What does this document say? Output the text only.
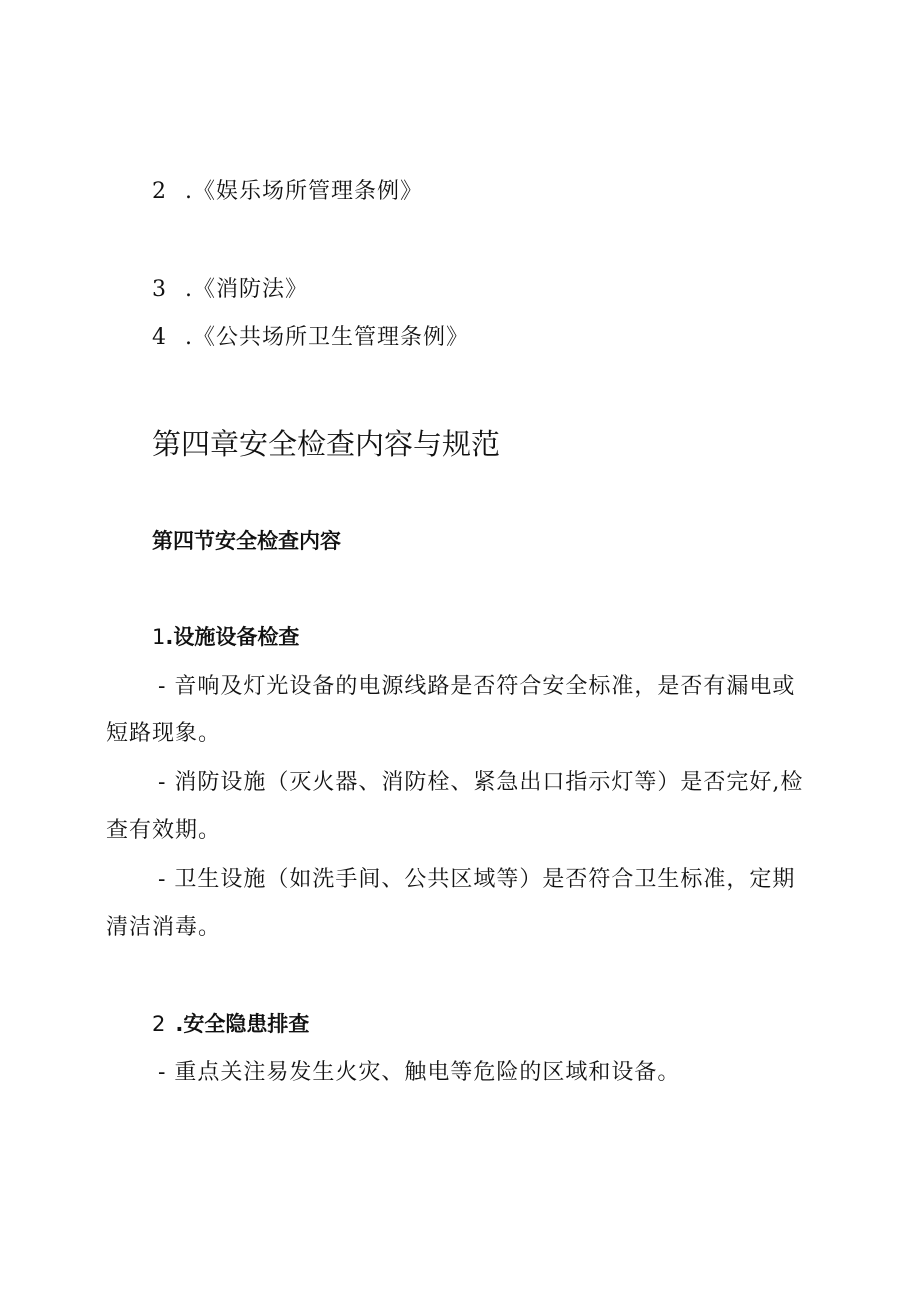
2 .《娱乐场所管理条例》
3 .《消防法》
4 .《公共场所卫生管理条例》
第四章安全检查内容与规范
第四节安全检查内容
1.设施设备检查
- 音响及灯光设备的电源线路是否符合安全标准，是否有漏电或
短路现象。
- 消防设施（灭火器、消防栓、紧急出口指示灯等）是否完好,检
查有效期。
- 卫生设施（如洗手间、公共区域等）是否符合卫生标准，定期
清洁消毒。
2 .安全隐患排查
- 重点关注易发生火灾、触电等危险的区域和设备。
